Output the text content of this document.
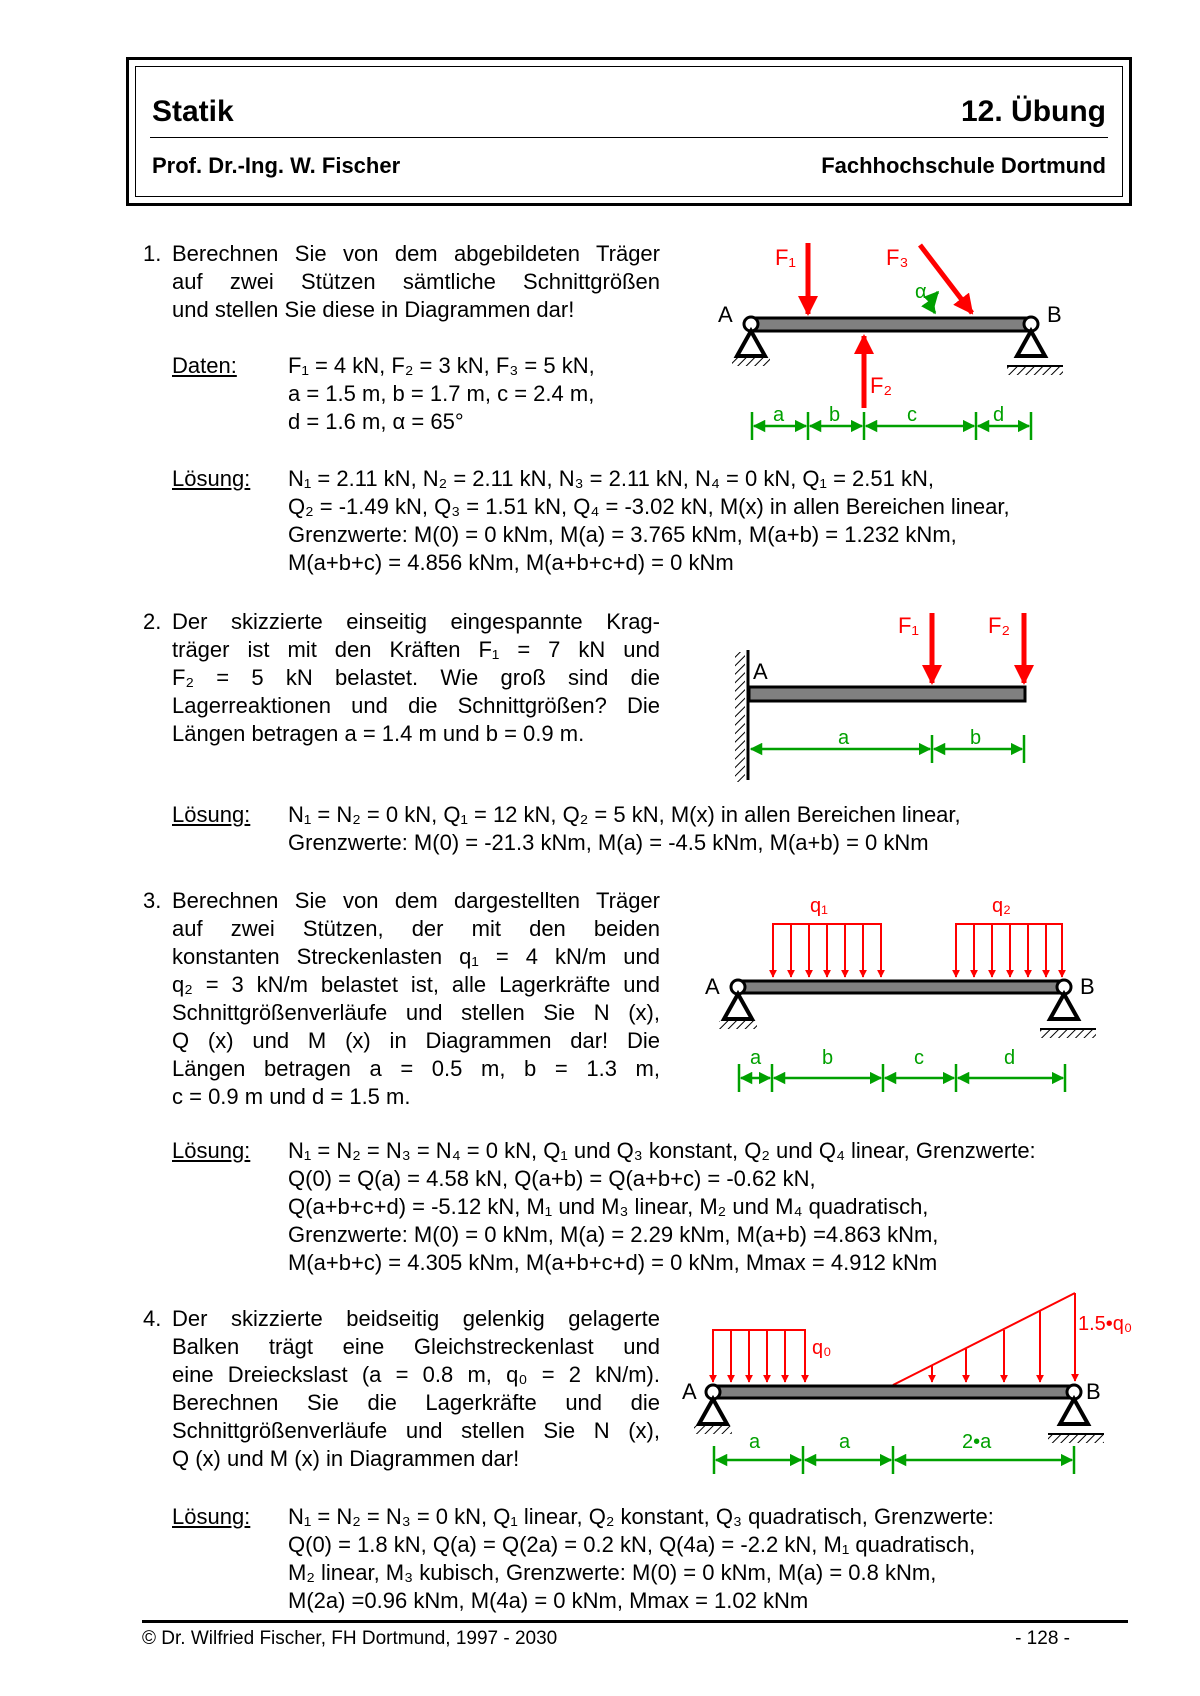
Statik	12. Übung
Prof. Dr.-Ing. W. Fischer	Fachhochschule Dortmund
1. Berechnen Sie von dem abgebildeten Träger
auf zwei Stützen sämtliche Schnittgrößen
und stellen Sie diese in Diagrammen dar!
Daten: F₁ = 4 kN, F₂ = 3 kN, F₃ = 5 kN,
a = 1.5 m, b = 1.7 m, c = 2.4 m,
d = 1.6 m, α = 65°
Lösung: N₁ = 2.11 kN, N₂ = 2.11 kN, N₃ = 2.11 kN, N₄ = 0 kN, Q₁ = 2.51 kN,
Q₂ = -1.49 kN, Q₃ = 1.51 kN, Q₄ = -3.02 kN, M(x) in allen Bereichen linear,
Grenzwerte: M(0) = 0 kNm, M(a) = 3.765 kNm, M(a+b) = 1.232 kNm,
M(a+b+c) = 4.856 kNm, M(a+b+c+d) = 0 kNm
2. Der skizzierte einseitig eingespannte Krag-
träger ist mit den Kräften F₁ = 7 kN und
F₂ = 5 kN belastet. Wie groß sind die
Lagerreaktionen und die Schnittgrößen? Die
Längen betragen a = 1.4 m und b = 0.9 m.
Lösung: N₁ = N₂ = 0 kN, Q₁ = 12 kN, Q₂ = 5 kN, M(x) in allen Bereichen linear,
Grenzwerte: M(0) = -21.3 kNm, M(a) = -4.5 kNm, M(a+b) = 0 kNm
3. Berechnen Sie von dem dargestellten Träger
auf zwei Stützen, der mit den beiden
konstanten Streckenlasten q₁ = 4 kN/m und
q₂ = 3 kN/m belastet ist, alle Lagerkräfte und
Schnittgrößenverläufe und stellen Sie N (x),
Q (x) und M (x) in Diagrammen dar! Die
Längen betragen a = 0.5 m, b = 1.3 m,
c = 0.9 m und d = 1.5 m.
Lösung: N₁ = N₂ = N₃ = N₄ = 0 kN, Q₁ und Q₃ konstant, Q₂ und Q₄ linear, Grenzwerte:
Q(0) = Q(a) = 4.58 kN, Q(a+b) = Q(a+b+c) = -0.62 kN,
Q(a+b+c+d) = -5.12 kN, M₁ und M₃ linear, M₂ und M₄ quadratisch,
Grenzwerte: M(0) = 0 kNm, M(a) = 2.29 kNm, M(a+b) =4.863 kNm,
M(a+b+c) = 4.305 kNm, M(a+b+c+d) = 0 kNm, Mmax = 4.912 kNm
4. Der skizzierte beidseitig gelenkig gelagerte
Balken trägt eine Gleichstreckenlast und
eine Dreieckslast (a = 0.8 m, q₀ = 2 kN/m).
Berechnen Sie die Lagerkräfte und die
Schnittgrößenverläufe und stellen Sie N (x),
Q (x) und M (x) in Diagrammen dar!
Lösung: N₁ = N₂ = N₃ = 0 kN, Q₁ linear, Q₂ konstant, Q₃ quadratisch, Grenzwerte:
Q(0) = 1.8 kN, Q(a) = Q(2a) = 0.2 kN, Q(4a) = -2.2 kN, M₁ quadratisch,
M₂ linear, M₃ kubisch, Grenzwerte: M(0) = 0 kNm, M(a) = 0.8 kNm,
M(2a) =0.96 kNm, M(4a) = 0 kNm, Mmax = 1.02 kNm
F₁
F₂
F₃
α
A	B
a b	c	d
F₁	F₂
A
a	b
q₁	q₂
A	B
a	b	c	d
q₀
1.5•q₀
A	B
a	a	2•a
© Dr. Wilfried Fischer, FH Dortmund, 1997 - 2030	- 128 -
